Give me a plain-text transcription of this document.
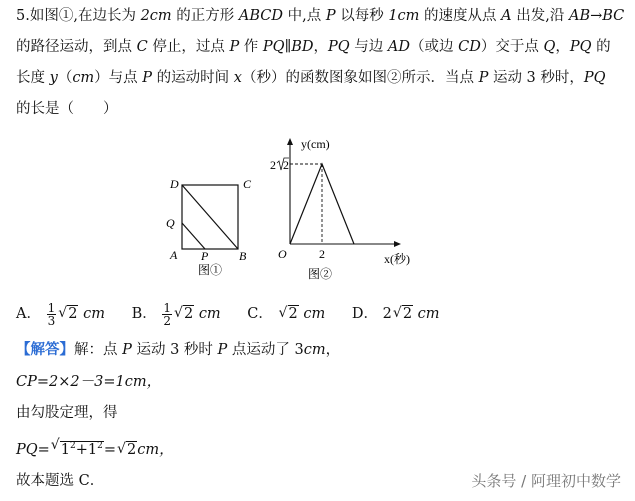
5.如图①,在边长为 2cm 的正方形 ABCD 中,点 P 以每秒 1cm 的速度从点 A 出发,沿 AB→BC
的路径运动，到点 C 停止，过点 P 作 PQ∥BD，PQ 与边 AD（或边 CD）交于点 Q，PQ 的
长度 y（cm）与点 P 的运动时间 x（秒）的函数图象如图②所示．当点 P 运动 3 秒时，PQ
的长是（　　）
D	C
Q
A P	B
图①
y(cm)
x(秒)
O
2 2
2
图②
A． $\frac{1}{3}$
√ 2 cm B． $\frac{1}{2}$
√ 2 cm C． √ 2 cm D． 2√ 2 cm
【解答】解：点 P 运动 3 秒时 P 点运动了 3cm，
CP=2×2－3=1cm，
由勾股定理，得
PQ=√ $1^2+1^2=√$ 2cm，
故本题选 C．	头条号 / 阿理初中数学
